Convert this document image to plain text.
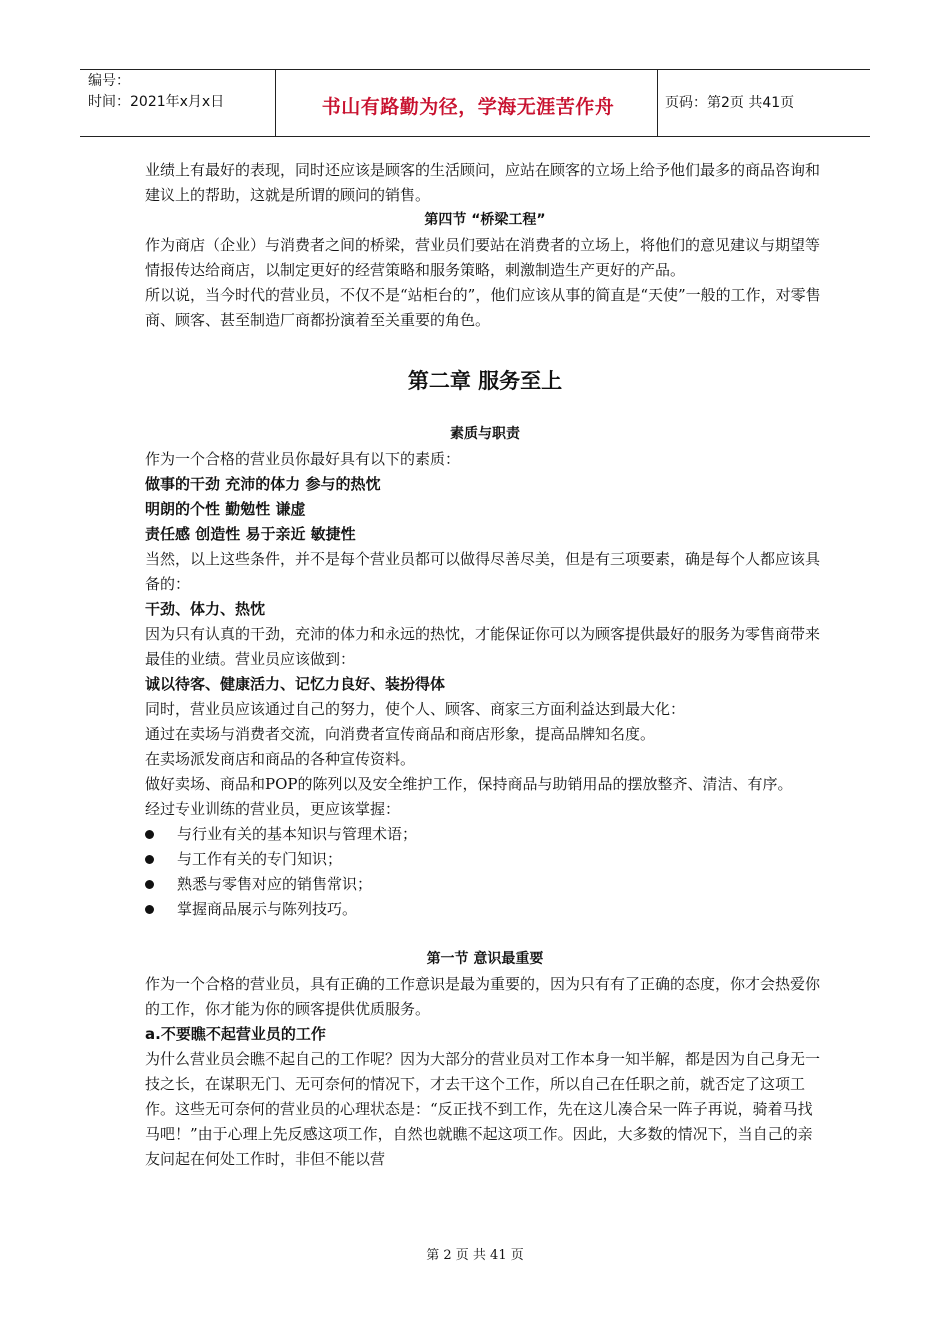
编号：
时间：2021年x月x日	书山有路勤为径，学海无涯苦作舟	页码：第2页 共41页

业绩上有最好的表现，同时还应该是顾客的生活顾问，应站在顾客的立场上给予他们最多的商品咨询和建议上的帮助，这就是所谓的顾问的销售。

第四节 “桥梁工程”

作为商店（企业）与消费者之间的桥梁，营业员们要站在消费者的立场上，将他们的意见建议与期望等情报传达给商店，以制定更好的经营策略和服务策略，刺激制造生产更好的产品。

所以说，当今时代的营业员，不仅不是“站柜台的”，他们应该从事的简直是“天使”一般的工作，对零售商、顾客、甚至制造厂商都扮演着至关重要的角色。

第二章 服务至上

素质与职责

作为一个合格的营业员你最好具有以下的素质：

做事的干劲 充沛的体力 参与的热忱

明朗的个性 勤勉性 谦虚

责任感 创造性 易于亲近 敏捷性

当然，以上这些条件，并不是每个营业员都可以做得尽善尽美，但是有三项要素，确是每个人都应该具备的：

干劲、体力、热忱

因为只有认真的干劲，充沛的体力和永远的热忱，才能保证你可以为顾客提供最好的服务为零售商带来最佳的业绩。营业员应该做到：

诚以待客、健康活力、记忆力良好、装扮得体

同时，营业员应该通过自己的努力，使个人、顾客、商家三方面利益达到最大化：

通过在卖场与消费者交流，向消费者宣传商品和商店形象，提高品牌知名度。

在卖场派发商店和商品的各种宣传资料。

做好卖场、商品和POP的陈列以及安全维护工作，保持商品与助销用品的摆放整齐、清洁、有序。

经过专业训练的营业员，更应该掌握：

与行业有关的基本知识与管理术语；

与工作有关的专门知识；

熟悉与零售对应的销售常识；

掌握商品展示与陈列技巧。

第一节 意识最重要

作为一个合格的营业员，具有正确的工作意识是最为重要的，因为只有有了正确的态度，你才会热爱你的工作，你才能为你的顾客提供优质服务。

a.不要瞧不起营业员的工作

为什么营业员会瞧不起自己的工作呢？因为大部分的营业员对工作本身一知半解，都是因为自己身无一技之长，在谋职无门、无可奈何的情况下，才去干这个工作，所以自己在任职之前，就否定了这项工作。这些无可奈何的营业员的心理状态是：“反正找不到工作，先在这儿凑合呆一阵子再说，骑着马找马吧！”由于心理上先反感这项工作，自然也就瞧不起这项工作。因此，大多数的情况下，当自己的亲友问起在何处工作时，非但不能以营

第 2 页 共 41 页
